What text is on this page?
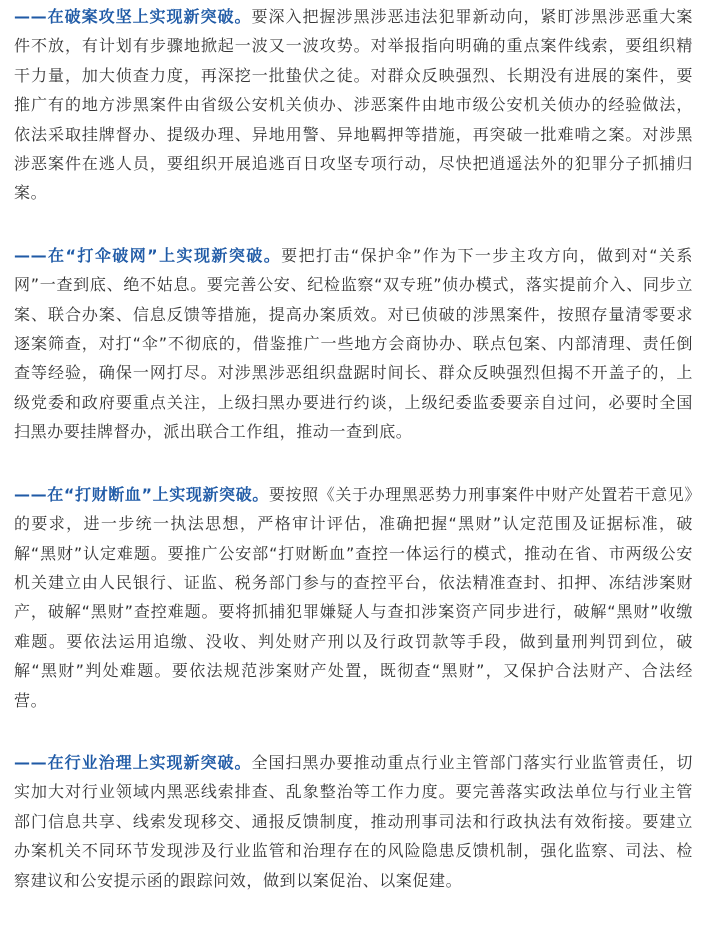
——在破案攻坚上实现新突破。要深入把握涉黑涉恶违法犯罪新动向，紧盯涉黑涉恶重大案件不放，有计划有步骤地掀起一波又一波攻势。对举报指向明确的重点案件线索，要组织精干力量，加大侦查力度，再深挖一批蛰伏之徒。对群众反映强烈、长期没有进展的案件，要推广有的地方涉黑案件由省级公安机关侦办、涉恶案件由地市级公安机关侦办的经验做法，依法采取挂牌督办、提级办理、异地用警、异地羁押等措施，再突破一批难啃之案。对涉黑涉恶案件在逃人员，要组织开展追逃百日攻坚专项行动，尽快把逍遥法外的犯罪分子抓捕归案。

——在“打伞破网”上实现新突破。要把打击“保护伞”作为下一步主攻方向，做到对“关系网”一查到底、绝不姑息。要完善公安、纪检监察“双专班”侦办模式，落实提前介入、同步立案、联合办案、信息反馈等措施，提高办案质效。对已侦破的涉黑案件，按照存量清零要求逐案筛查，对打“伞”不彻底的，借鉴推广一些地方会商协办、联点包案、内部清理、责任倒查等经验，确保一网打尽。对涉黑涉恶组织盘踞时间长、群众反映强烈但揭不开盖子的，上级党委和政府要重点关注，上级扫黑办要进行约谈，上级纪委监委要亲自过问，必要时全国扫黑办要挂牌督办，派出联合工作组，推动一查到底。

——在“打财断血”上实现新突破。要按照《关于办理黑恶势力刑事案件中财产处置若干意见》的要求，进一步统一执法思想，严格审计评估，准确把握“黑财”认定范围及证据标准，破解“黑财”认定难题。要推广公安部“打财断血”查控一体运行的模式，推动在省、市两级公安机关建立由人民银行、证监、税务部门参与的查控平台，依法精准查封、扣押、冻结涉案财产，破解“黑财”查控难题。要将抓捕犯罪嫌疑人与查扣涉案资产同步进行，破解“黑财”收缴难题。要依法运用追缴、没收、判处财产刑以及行政罚款等手段，做到量刑判罚到位，破解“黑财”判处难题。要依法规范涉案财产处置，既彻查“黑财”，又保护合法财产、合法经营。

——在行业治理上实现新突破。全国扫黑办要推动重点行业主管部门落实行业监管责任，切实加大对行业领域内黑恶线索排查、乱象整治等工作力度。要完善落实政法单位与行业主管部门信息共享、线索发现移交、通报反馈制度，推动刑事司法和行政执法有效衔接。要建立办案机关不同环节发现涉及行业监管和治理存在的风险隐患反馈机制，强化监察、司法、检察建议和公安提示函的跟踪问效，做到以案促治、以案促建。
